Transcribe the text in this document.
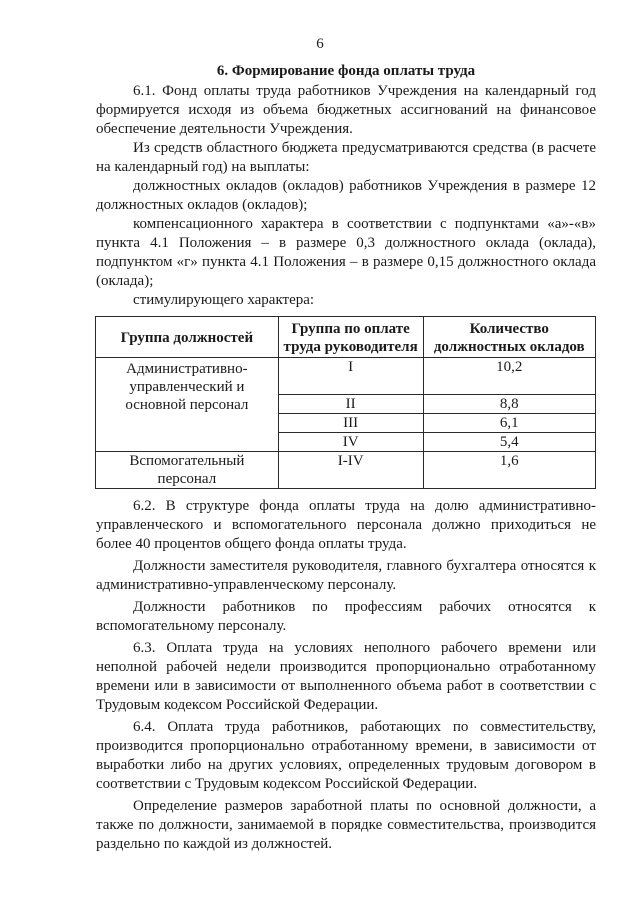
6
6. Формирование фонда оплаты труда

6.1. Фонд оплаты труда работников Учреждения на календарный год формируется исходя из объема бюджетных ассигнований на финансовое обеспечение деятельности Учреждения.

Из средств областного бюджета предусматриваются средства (в расчете на календарный год) на выплаты:

должностных окладов (окладов) работников Учреждения в размере 12 должностных окладов (окладов);

компенсационного характера в соответствии с подпунктами «а»-«в» пункта 4.1 Положения – в размере 0,3 должностного оклада (оклада), подпунктом «г» пункта 4.1 Положения – в размере 0,15 должностного оклада (оклада);

стимулирующего характера:

Группа должностей	Группа по оплате труда руководителя	Количество должностных окладов
Административно-управленческий и основной персонал	I	10,2
	II	8,8
	III	6,1
	IV	5,4
Вспомогательный персонал	I-IV	1,6

6.2. В структуре фонда оплаты труда на долю административно-управленческого и вспомогательного персонала должно приходиться не более 40 процентов общего фонда оплаты труда.

Должности заместителя руководителя, главного бухгалтера относятся к административно-управленческому персоналу.

Должности работников по профессиям рабочих относятся к вспомогательному персоналу.

6.3. Оплата труда на условиях неполного рабочего времени или неполной рабочей недели производится пропорционально отработанному времени или в зависимости от выполненного объема работ в соответствии с Трудовым кодексом Российской Федерации.

6.4. Оплата труда работников, работающих по совместительству, производится пропорционально отработанному времени, в зависимости от выработки либо на других условиях, определенных трудовым договором в соответствии с Трудовым кодексом Российской Федерации.

Определение размеров заработной платы по основной должности, а также по должности, занимаемой в порядке совместительства, производится раздельно по каждой из должностей.
